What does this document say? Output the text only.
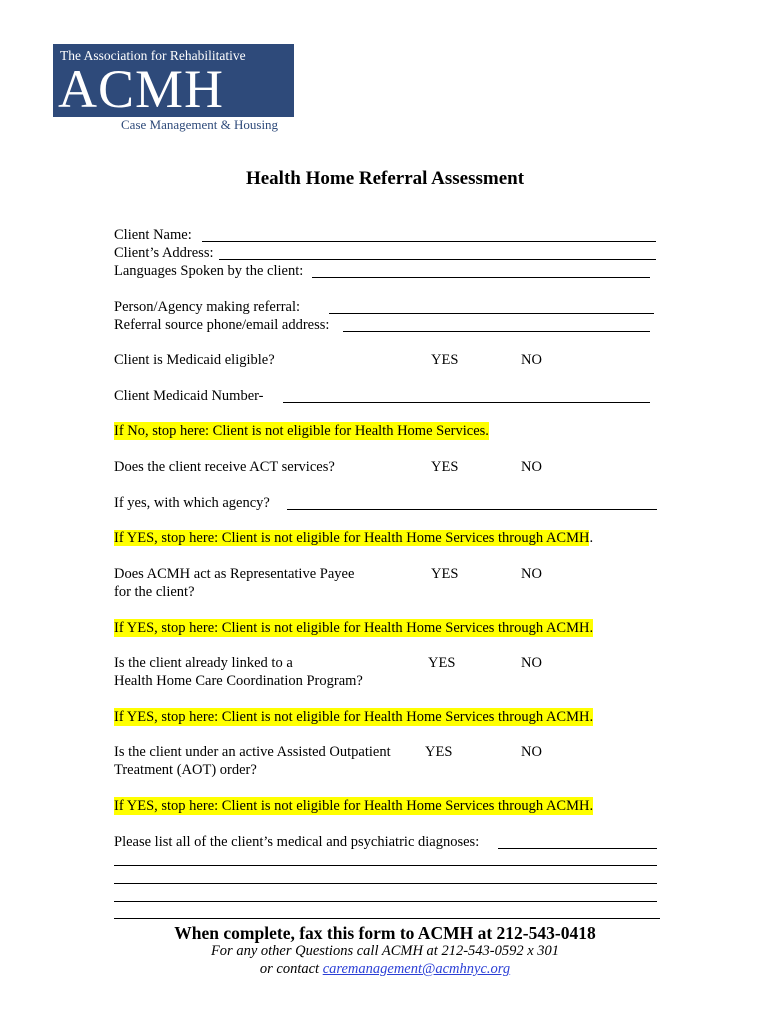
The Association for Rehabilitative
ACMH
Case Management & Housing
Health Home Referral Assessment
Client Name:
Client’s Address:
Languages Spoken by the client:
Person/Agency making referral:
Referral source phone/email address:
Client is Medicaid eligible?	YES	NO
Client Medicaid Number-
If No, stop here: Client is not eligible for Health Home Services.
Does the client receive ACT services?	YES	NO
If yes, with which agency?
If YES, stop here: Client is not eligible for Health Home Services through ACMH.
Does ACMH act as Representative Payee
for the client?
YES	NO
If YES, stop here: Client is not eligible for Health Home Services through ACMH.
Is the client already linked to a
Health Home Care Coordination Program?
YES	NO
If YES, stop here: Client is not eligible for Health Home Services through ACMH.
Is the client under an active Assisted Outpatient
Treatment (AOT) order?
YES	NO
If YES, stop here: Client is not eligible for Health Home Services through ACMH.
Please list all of the client’s medical and psychiatric diagnoses:
When complete, fax this form to ACMH at 212-543-0418
For any other Questions call ACMH at 212-543-0592 x 301
or contact caremanagement@acmhnyc.org
